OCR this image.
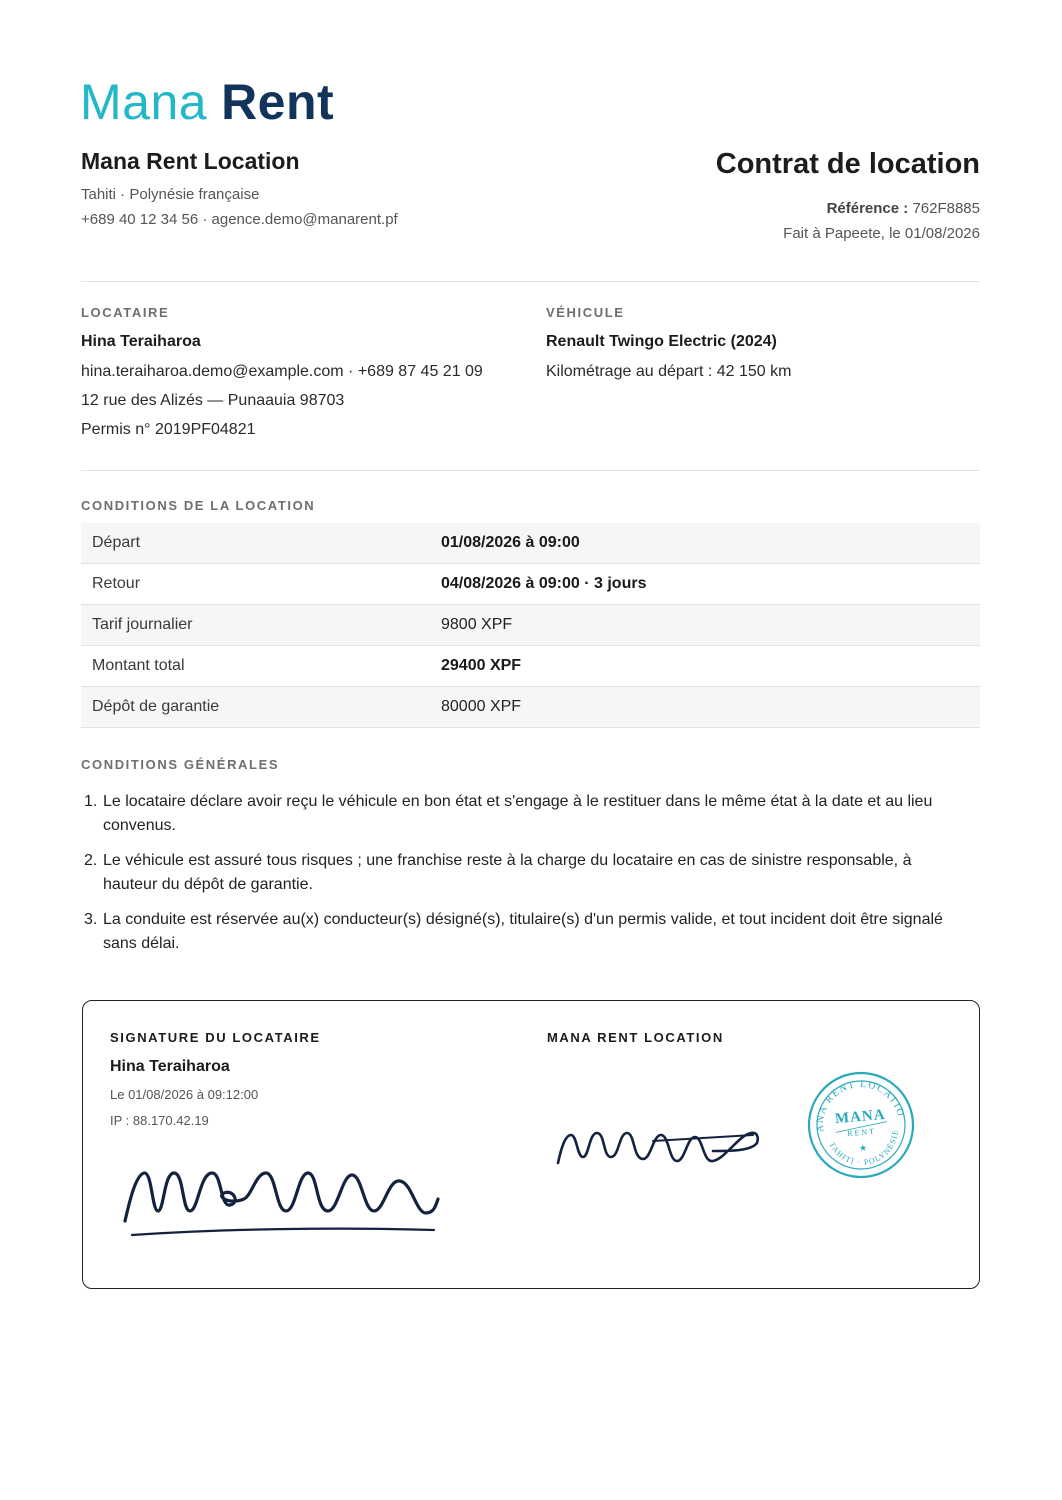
Mana Rent
Mana Rent Location
Tahiti · Polynésie française
+689 40 12 34 56 · agence.demo@manarent.pf
Contrat de location
Référence : 762F8885
Fait à Papeete, le 01/08/2026
LOCATAIRE
Hina Teraiharoa
hina.teraiharoa.demo@example.com · +689 87 45 21 09
12 rue des Alizés — Punaauia 98703
Permis n° 2019PF04821
VÉHICULE
Renault Twingo Electric (2024)
Kilométrage au départ : 42 150 km
CONDITIONS DE LA LOCATION
Départ	01/08/2026 à 09:00
Retour	04/08/2026 à 09:00 · 3 jours
Tarif journalier	9800 XPF
Montant total	29400 XPF
Dépôt de garantie	80000 XPF
CONDITIONS GÉNÉRALES
1. Le locataire déclare avoir reçu le véhicule en bon état et s'engage à le restituer dans le même état à la date et au lieu convenus.
2. Le véhicule est assuré tous risques ; une franchise reste à la charge du locataire en cas de sinistre responsable, à hauteur du dépôt de garantie.
3. La conduite est réservée au(x) conducteur(s) désigné(s), titulaire(s) d'un permis valide, et tout incident doit être signalé sans délai.
SIGNATURE DU LOCATAIRE
Hina Teraiharoa
Le 01/08/2026 à 09:12:00
IP : 88.170.42.19
MANA RENT LOCATION
MANA RENT LOCATION
TAHITI · POLYNÉSIE
MANA
RENT
★
